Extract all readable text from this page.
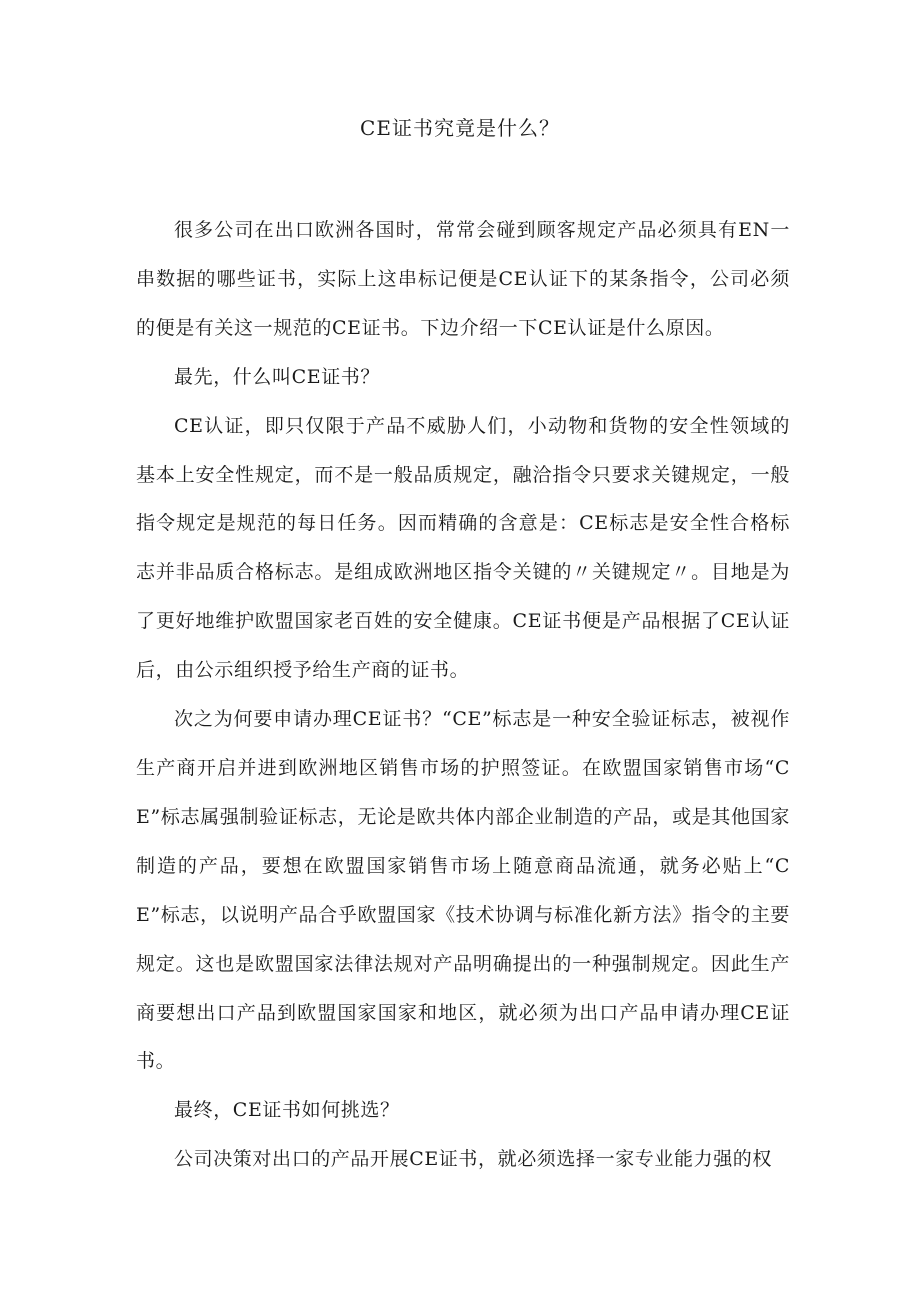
CE证书究竟是什么？

很多公司在出口欧洲各国时，常常会碰到顾客规定产品必须具有EN一串数据的哪些证书，实际上这串标记便是CE认证下的某条指令，公司必须的便是有关这一规范的CE证书。下边介绍一下CE认证是什么原因。

最先，什么叫CE证书？

CE认证，即只仅限于产品不威胁人们，小动物和货物的安全性领域的基本上安全性规定，而不是一般品质规定，融洽指令只要求关键规定，一般指令规定是规范的每日任务。因而精确的含意是：CE标志是安全性合格标志并非品质合格标志。是组成欧洲地区指令关键的〃关键规定〃。目地是为了更好地维护欧盟国家老百姓的安全健康。CE证书便是产品根据了CE认证后，由公示组织授予给生产商的证书。

次之为何要申请办理CE证书？“CE”标志是一种安全验证标志，被视作生产商开启并进到欧洲地区销售市场的护照签证。在欧盟国家销售市场“CE”标志属强制验证标志，无论是欧共体内部企业制造的产品，或是其他国家制造的产品，要想在欧盟国家销售市场上随意商品流通，就务必贴上“CE”标志，以说明产品合乎欧盟国家《技术协调与标准化新方法》指令的主要规定。这也是欧盟国家法律法规对产品明确提出的一种强制规定。因此生产商要想出口产品到欧盟国家国家和地区，就必须为出口产品申请办理CE证书。

最终，CE证书如何挑选？

公司决策对出口的产品开展CE证书，就必须选择一家专业能力强的权
